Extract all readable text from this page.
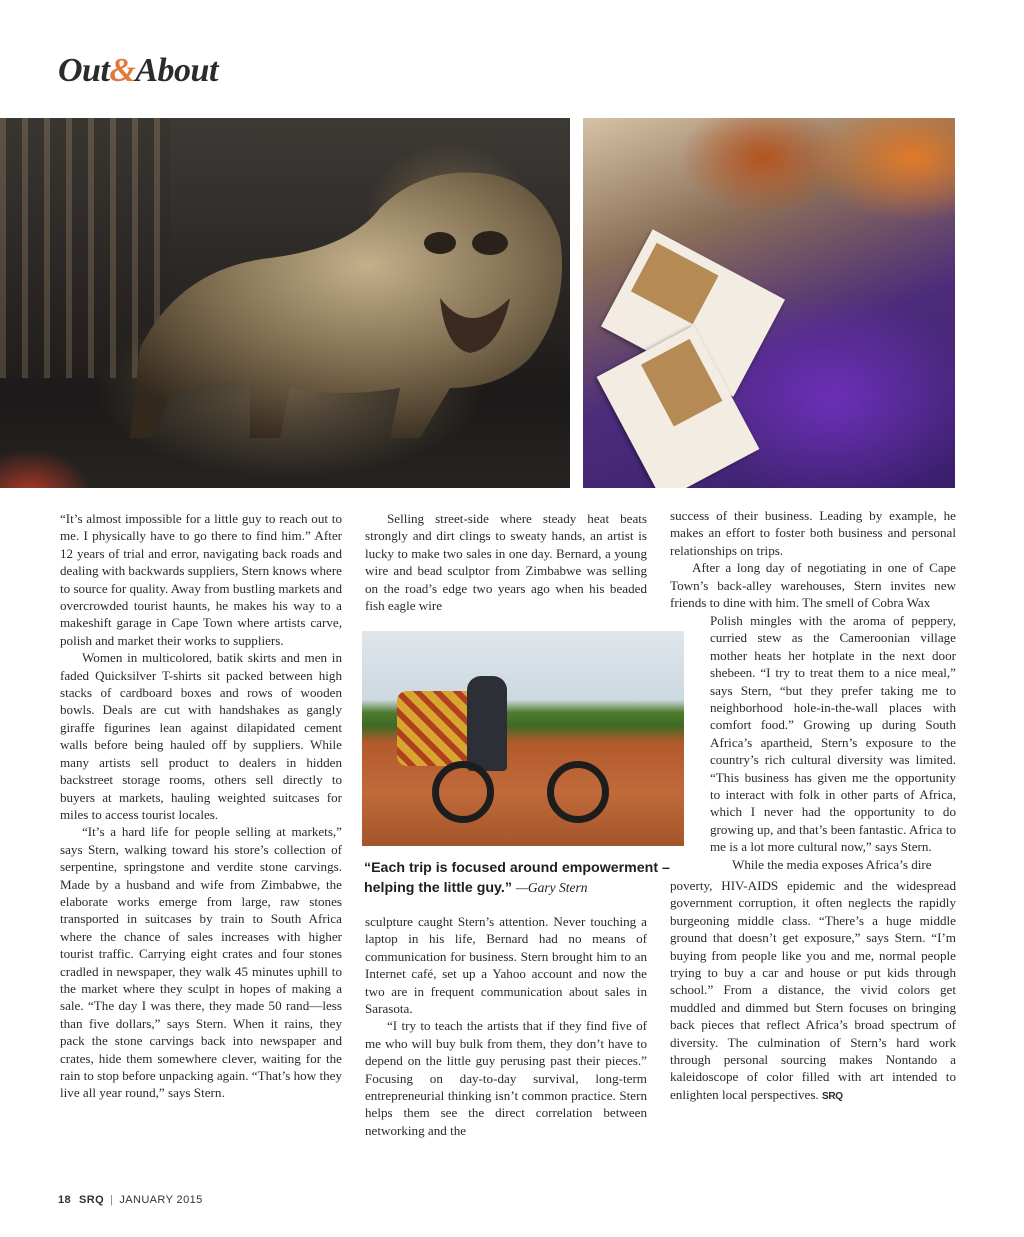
Out&About

“It’s almost impossible for a little guy to reach out to me. I physically have to go there to find him.” After 12 years of trial and error, navigating back roads and dealing with backwards suppliers, Stern knows where to source for quality. Away from bustling markets and overcrowded tourist haunts, he makes his way to a makeshift garage in Cape Town where artists carve, polish and market their works to suppliers.

Women in multicolored, batik skirts and men in faded Quicksilver T-shirts sit packed between high stacks of cardboard boxes and rows of wooden bowls. Deals are cut with handshakes as gangly giraffe figurines lean against dilapidated cement walls before being hauled off by suppliers. While many artists sell product to dealers in hidden backstreet storage rooms, others sell directly to buyers at markets, hauling weighted suitcases for miles to access tourist locales.

“It’s a hard life for people selling at markets,” says Stern, walking toward his store’s collection of serpentine, springstone and verdite stone carvings. Made by a husband and wife from Zimbabwe, the elaborate works emerge from large, raw stones transported in suitcases by train to South Africa where the chance of sales increases with higher tourist traffic. Carrying eight crates and four stones cradled in newspaper, they walk 45 minutes uphill to the market where they sculpt in hopes of making a sale. “The day I was there, they made 50 rand—less than five dollars,” says Stern. When it rains, they pack the stone carvings back into newspaper and crates, hide them somewhere clever, waiting for the rain to stop before unpacking again. “That’s how they live all year round,” says Stern.

Selling street-side where steady heat beats strongly and dirt clings to sweaty hands, an artist is lucky to make two sales in one day. Bernard, a young wire and bead sculptor from Zimbabwe was selling on the road’s edge two years ago when his beaded fish eagle wire

“Each trip is focused around empowerment – helping the little guy.” —Gary Stern

sculpture caught Stern’s attention. Never touching a laptop in his life, Bernard had no means of communication for business. Stern brought him to an Internet café, set up a Yahoo account and now the two are in frequent communication about sales in Sarasota.

“I try to teach the artists that if they find five of me who will buy bulk from them, they don’t have to depend on the little guy perusing past their pieces.” Focusing on day-to-day survival, long-term entrepreneurial thinking isn’t common practice. Stern helps them see the direct correlation between networking and the

success of their business. Leading by example, he makes an effort to foster both business and personal relationships on trips.

After a long day of negotiating in one of Cape Town’s back-alley warehouses, Stern invites new friends to dine with him. The smell of Cobra Wax

Polish mingles with the aroma of peppery, curried stew as the Cameroonian village mother heats her hotplate in the next door shebeen. “I try to treat them to a nice meal,” says Stern, “but they prefer taking me to neighborhood hole-in-the-wall places with comfort food.” Growing up during South Africa’s apartheid, Stern’s exposure to the country’s rich cultural diversity was limited. “This business has given me the opportunity to interact with folk in other parts of Africa, which I never had the opportunity to do growing up, and that’s been fantastic. Africa to me is a lot more cultural now,” says Stern.

While the media exposes Africa’s dire

poverty, HIV-AIDS epidemic and the widespread government corruption, it often neglects the rapidly burgeoning middle class. “There’s a huge middle ground that doesn’t get exposure,” says Stern. “I’m buying from people like you and me, normal people trying to buy a car and house or put kids through school.” From a distance, the vivid colors get muddled and dimmed but Stern focuses on bringing back pieces that reflect Africa’s broad spectrum of diversity. The culmination of Stern’s hard work through personal sourcing makes Nontando a kaleidoscope of color filled with art intended to enlighten local perspectives. SRQ

18 SRQ | JANUARY 2015
